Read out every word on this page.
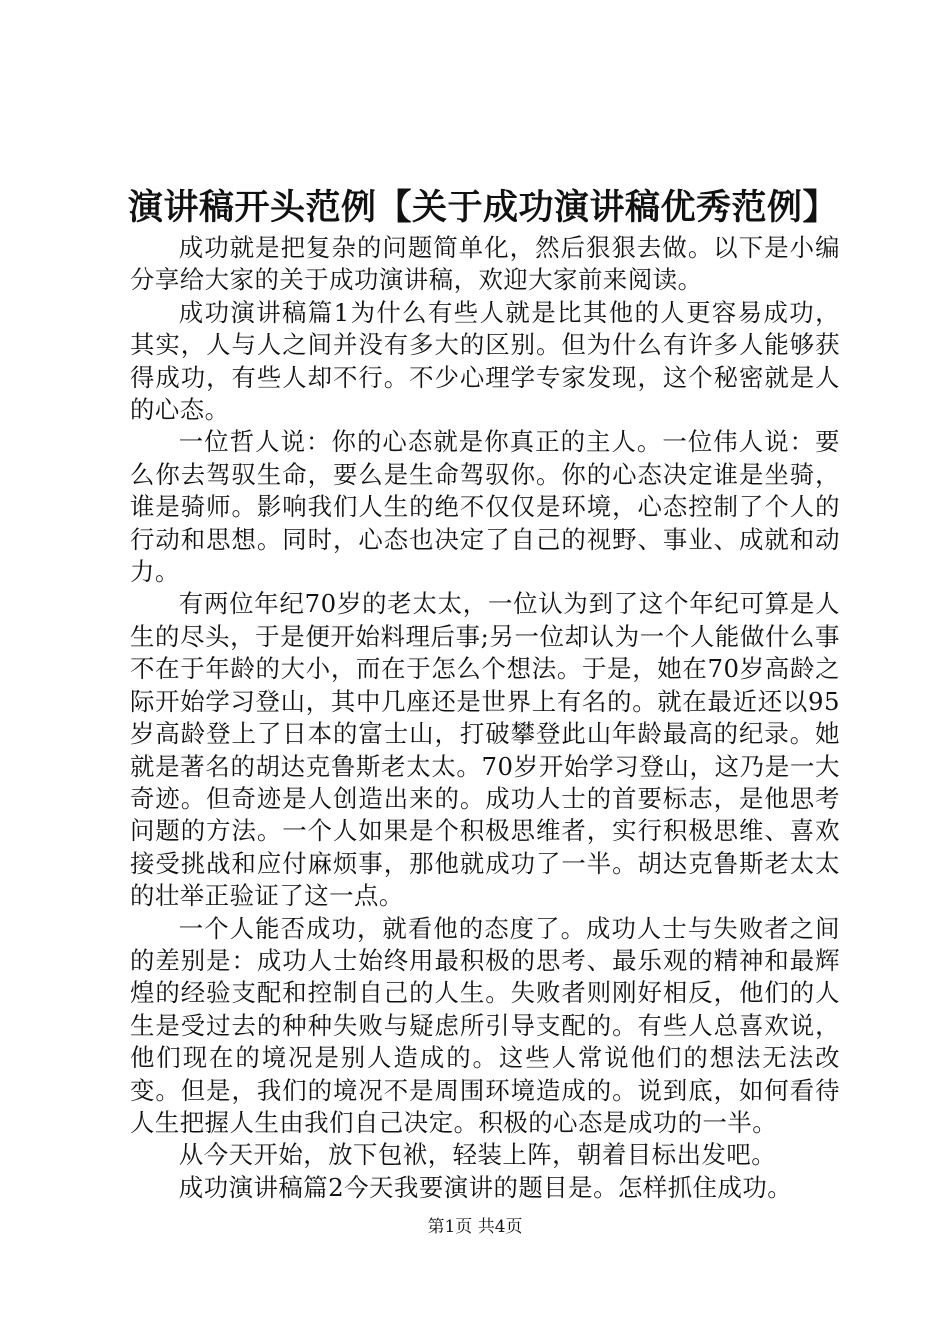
演讲稿开头范例【关于成功演讲稿优秀范例】

成功就是把复杂的问题简单化，然后狠狠去做。以下是小编分享给大家的关于成功演讲稿，欢迎大家前来阅读。

成功演讲稿篇1为什么有些人就是比其他的人更容易成功，其实，人与人之间并没有多大的区别。但为什么有许多人能够获得成功，有些人却不行。不少心理学专家发现，这个秘密就是人的心态。

一位哲人说：你的心态就是你真正的主人。一位伟人说：要么你去驾驭生命，要么是生命驾驭你。你的心态决定谁是坐骑，谁是骑师。影响我们人生的绝不仅仅是环境，心态控制了个人的行动和思想。同时，心态也决定了自己的视野、事业、成就和动力。

有两位年纪70岁的老太太，一位认为到了这个年纪可算是人生的尽头，于是便开始料理后事;另一位却认为一个人能做什么事不在于年龄的大小，而在于怎么个想法。于是，她在70岁高龄之际开始学习登山，其中几座还是世界上有名的。就在最近还以95岁高龄登上了日本的富士山，打破攀登此山年龄最高的纪录。她就是著名的胡达克鲁斯老太太。70岁开始学习登山，这乃是一大奇迹。但奇迹是人创造出来的。成功人士的首要标志，是他思考问题的方法。一个人如果是个积极思维者，实行积极思维、喜欢接受挑战和应付麻烦事，那他就成功了一半。胡达克鲁斯老太太的壮举正验证了这一点。

一个人能否成功，就看他的态度了。成功人士与失败者之间的差别是：成功人士始终用最积极的思考、最乐观的精神和最辉煌的经验支配和控制自己的人生。失败者则刚好相反，他们的人生是受过去的种种失败与疑虑所引导支配的。有些人总喜欢说，他们现在的境况是别人造成的。这些人常说他们的想法无法改变。但是，我们的境况不是周围环境造成的。说到底，如何看待人生把握人生由我们自己决定。积极的心态是成功的一半。

从今天开始，放下包袱，轻装上阵，朝着目标出发吧。

成功演讲稿篇2今天我要演讲的题目是。怎样抓住成功。

第1页 共4页
